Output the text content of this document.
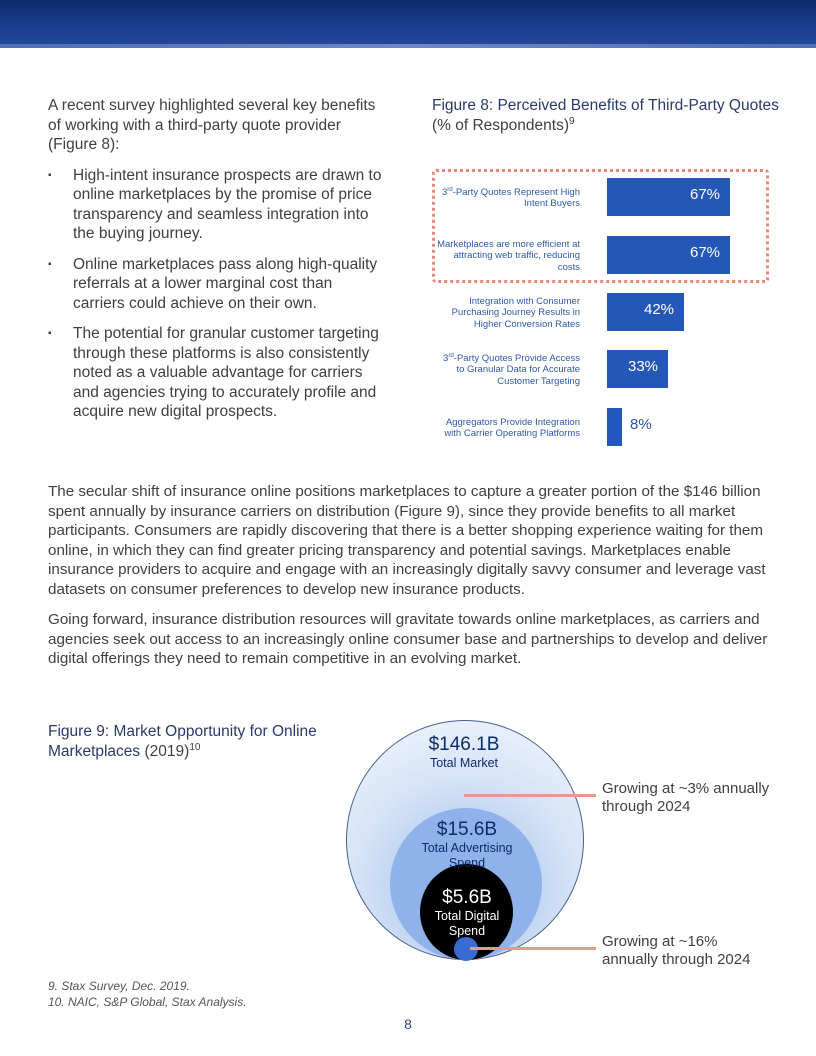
A recent survey highlighted several key benefits of working with a third-party quote provider (Figure 8):

▪ High-intent insurance prospects are drawn to online marketplaces by the promise of price transparency and seamless integration into the buying journey.
▪ Online marketplaces pass along high-quality referrals at a lower marginal cost than carriers could achieve on their own.
▪ The potential for granular customer targeting through these platforms is also consistently noted as a valuable advantage for carriers and agencies trying to accurately profile and acquire new digital prospects.
Figure 8: Perceived Benefits of Third-Party Quotes
(% of Respondents)$^9$
3rd-Party Quotes Represent High Intent Buyers
67%
Marketplaces are more efficient at attracting web traffic, reducing costs
67%
Integration with Consumer Purchasing Journey Results in Higher Conversion Rates
42%
3rd-Party Quotes Provide Access to Granular Data for Accurate Customer Targeting
33%
Aggregators Provide Integration with Carrier Operating Platforms
8%
The secular shift of insurance online positions marketplaces to capture a greater portion of the $146 billion spent annually by insurance carriers on distribution (Figure 9), since they provide benefits to all market participants. Consumers are rapidly discovering that there is a better shopping experience waiting for them online, in which they can find greater pricing transparency and potential savings. Marketplaces enable insurance providers to acquire and engage with an increasingly digitally savvy consumer and leverage vast datasets on consumer preferences to develop new insurance products.
Going forward, insurance distribution resources will gravitate towards online marketplaces, as carriers and agencies seek out access to an increasingly online consumer base and partnerships to develop and deliver digital offerings they need to remain competitive in an evolving market.
Figure 9: Market Opportunity for Online Marketplaces $(2019)^{10}$	$146.1B
Total Market
$15.6B
Total Advertising Spend
$5.6B
Total Digital Spend
Growing at ~3% annually through 2024
Growing at ~16% annually through 2024
9. Stax Survey, Dec. 2019.
10. NAIC, S&P Global, Stax Analysis.
8
